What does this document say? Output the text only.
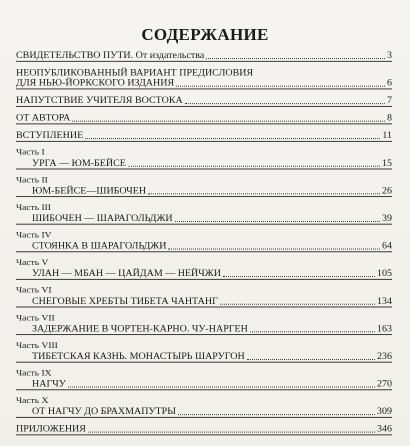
СОДЕРЖАНИЕ
СВИДЕТЕЛЬСТВО ПУТИ. От издательства	3
НЕОПУБЛИКОВАННЫЙ ВАРИАНТ ПРЕДИСЛОВИЯ
ДЛЯ НЬЮ-ЙОРКСКОГО ИЗДАНИЯ	6
НАПУТСТВИЕ УЧИТЕЛЯ ВОСТОКА	7
ОТ АВТОРА	8
ВСТУПЛЕНИЕ	11
Часть I
УРГА — ЮМ-БЕЙСЕ	15
Часть II
ЮМ-БЕЙСЕ—ШИБОЧЕН	26
Часть III
ШИБОЧЕН — ШАРАГОЛЬДЖИ	39
Часть IV
СТОЯНКА В ШАРАГОЛЬДЖИ	64
Часть V
УЛАН — МБАН — ЦАЙДАМ — НЕЙЧЖИ	105
Часть VI
СНЕГОВЫЕ ХРЕБТЫ ТИБЕТА ЧАНТАНГ	134
Часть VII
ЗАДЕРЖАНИЕ В ЧОРТЕН-КАРНО. ЧУ-НАРГЕН	163
Часть VIII
ТИБЕТСКАЯ КАЗНЬ. МОНАСТЫРЬ ШАРУГОН	236
Часть IX
НАГЧУ	270
Часть X
ОТ НАГЧУ ДО БРАХМАПУТРЫ	309
ПРИЛОЖЕНИЯ	346
